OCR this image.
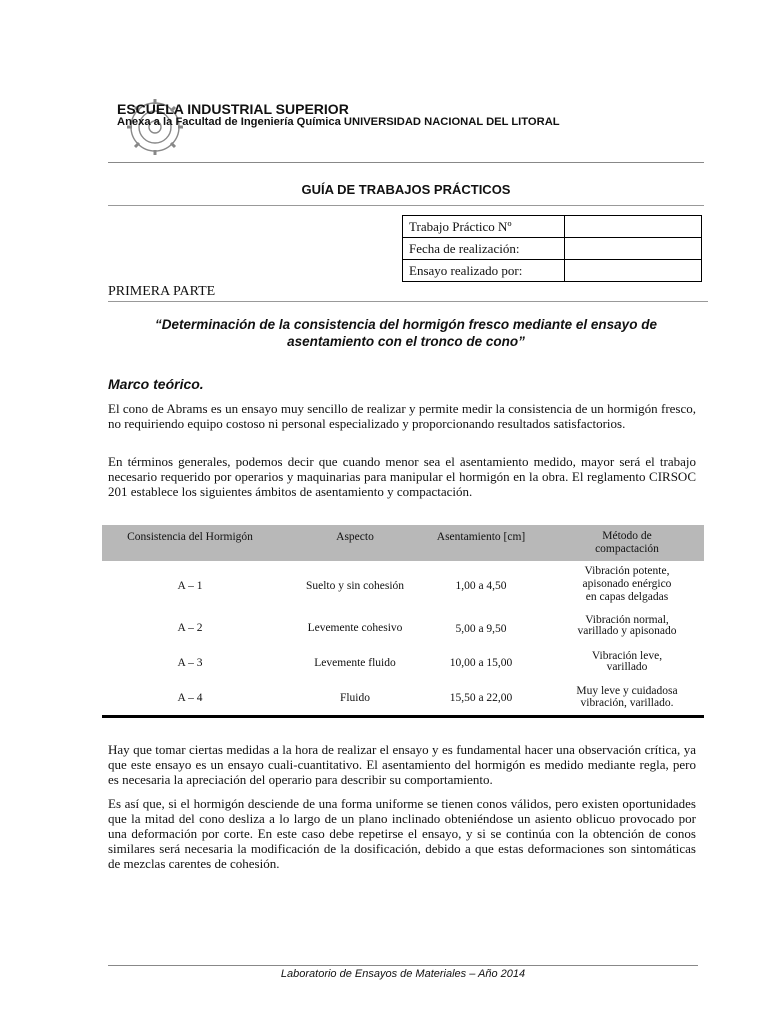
ESCUELA INDUSTRIAL SUPERIOR
Anexa a la Facultad de Ingeniería Química UNIVERSIDAD NACIONAL DEL LITORAL
GUÍA DE TRABAJOS PRÁCTICOS
Trabajo Práctico Nº	
Fecha de realización:	
Ensayo realizado por:	
PRIMERA PARTE
“Determinación de la consistencia del hormigón fresco mediante el ensayo de
asentamiento con el tronco de cono”
Marco teórico.
El cono de Abrams es un ensayo muy sencillo de realizar y permite medir la consistencia de un hormigón fresco, no requiriendo equipo costoso ni personal especializado y proporcionando resultados satisfactorios.
En términos generales, podemos decir que cuando menor sea el asentamiento medido, mayor será el trabajo necesario requerido por operarios y maquinarias para manipular el hormigón en la obra. El reglamento CIRSOC 201 establece los siguientes ámbitos de asentamiento y compactación.
Consistencia del Hormigón	Aspecto	Asentamiento [cm]	Método de
compactación
A – 1	Suelto y sin cohesión	1,00 a 4,50
Vibración potente,
apisonado enérgico
en capas delgadas
A – 2	Levemente cohesivo	5,00 a 9,50
Vibración normal,
varillado y apisonado
A – 3	Levemente fluido	10,00 a 15,00
Vibración leve,
varillado
A – 4	Fluido	15,50 a 22,00
Muy leve y cuidadosa
vibración, varillado.
Hay que tomar ciertas medidas a la hora de realizar el ensayo y es fundamental hacer una observación crítica, ya que este ensayo es un ensayo cuali-cuantitativo. El asentamiento del hormigón es medido mediante regla, pero es necesaria la apreciación del operario para describir su comportamiento.
Es así que, si el hormigón desciende de una forma uniforme se tienen conos válidos, pero existen oportunidades que la mitad del cono desliza a lo largo de un plano inclinado obteniéndose un asiento oblicuo provocado por una deformación por corte. En este caso debe repetirse el ensayo, y si se continúa con la obtención de conos similares será necesaria la modificación de la dosificación, debido a que estas deformaciones son sintomáticas de mezclas carentes de cohesión.
Laboratorio de Ensayos de Materiales – Año 2014
